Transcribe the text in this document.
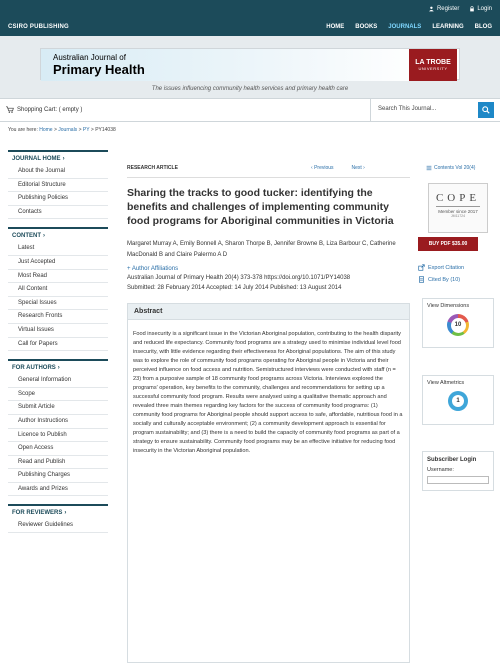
CSIRO PUBLISHING
Register	Login
HOME BOOKS JOURNALS LEARNING BLOG
Australian Journal of
Primary Health	LA TROBE
UNIVERSITY
The issues influencing community health services and primary health care
Shopping Cart: ( empty )	Search This Journal...
You are here: Home > Journals > PY > PY14038
JOURNAL HOME ›
About the Journal
Editorial Structure
Publishing Policies
Contacts
CONTENT ›
Latest
Just Accepted
Most Read
All Content
Special Issues
Research Fronts
Virtual Issues
Call for Papers
FOR AUTHORS ›
General Information
Scope
Submit Article
Author Instructions
Licence to Publish
Open Access
Read and Publish
Publishing Charges
Awards and Prizes
FOR REVIEWERS ›
Reviewer Guidelines
RESEARCH ARTICLE	‹ Previous	Next ›
Sharing the tracks to good tucker: identifying the benefits and challenges of implementing community food programs for Aboriginal communities in Victoria
Margaret Murray A, Emily Bonnell A, Sharon Thorpe B, Jennifer Browne B, Liza Barbour C, Catherine MacDonald B and Claire Palermo A D
+ Author Affiliations
Australian Journal of Primary Health 20(4) 373-378 https://doi.org/10.1071/PY14038
Submitted: 28 February 2014 Accepted: 14 July 2014 Published: 13 August 2014
Abstract
Food insecurity is a significant issue in the Victorian Aboriginal population, contributing to the health disparity and reduced life expectancy. Community food programs are a strategy used to minimise individual level food insecurity, with little evidence regarding their effectiveness for Aboriginal populations. The aim of this study was to explore the role of community food programs operating for Aboriginal people in Victoria and their perceived influence on food access and nutrition. Semistructured interviews were conducted with staff (n = 23) from a purposive sample of 18 community food programs across Victoria. Interviews explored the programs' operation, key benefits to the community, challenges and recommendations for setting up a successful community food program. Results were analysed using a qualitative thematic approach and revealed three main themes regarding key factors for the success of community food programs: (1) community food programs for Aboriginal people should support access to safe, affordable, nutritious food in a socially and culturally acceptable environment; (2) a community development approach is essential for program sustainability; and (3) there is a need to build the capacity of community food programs as part of a strategy to ensure sustainability. Community food programs may be an effective initiative for reducing food insecurity in the Victorian Aboriginal population.
Contents Vol 20(4)
COPE
Member since 2017
JM11724
BUY PDF $35.00
Export Citation
Cited By (10)
View Dimensions
10
View Altmetrics
1
Subscriber Login
Username:
